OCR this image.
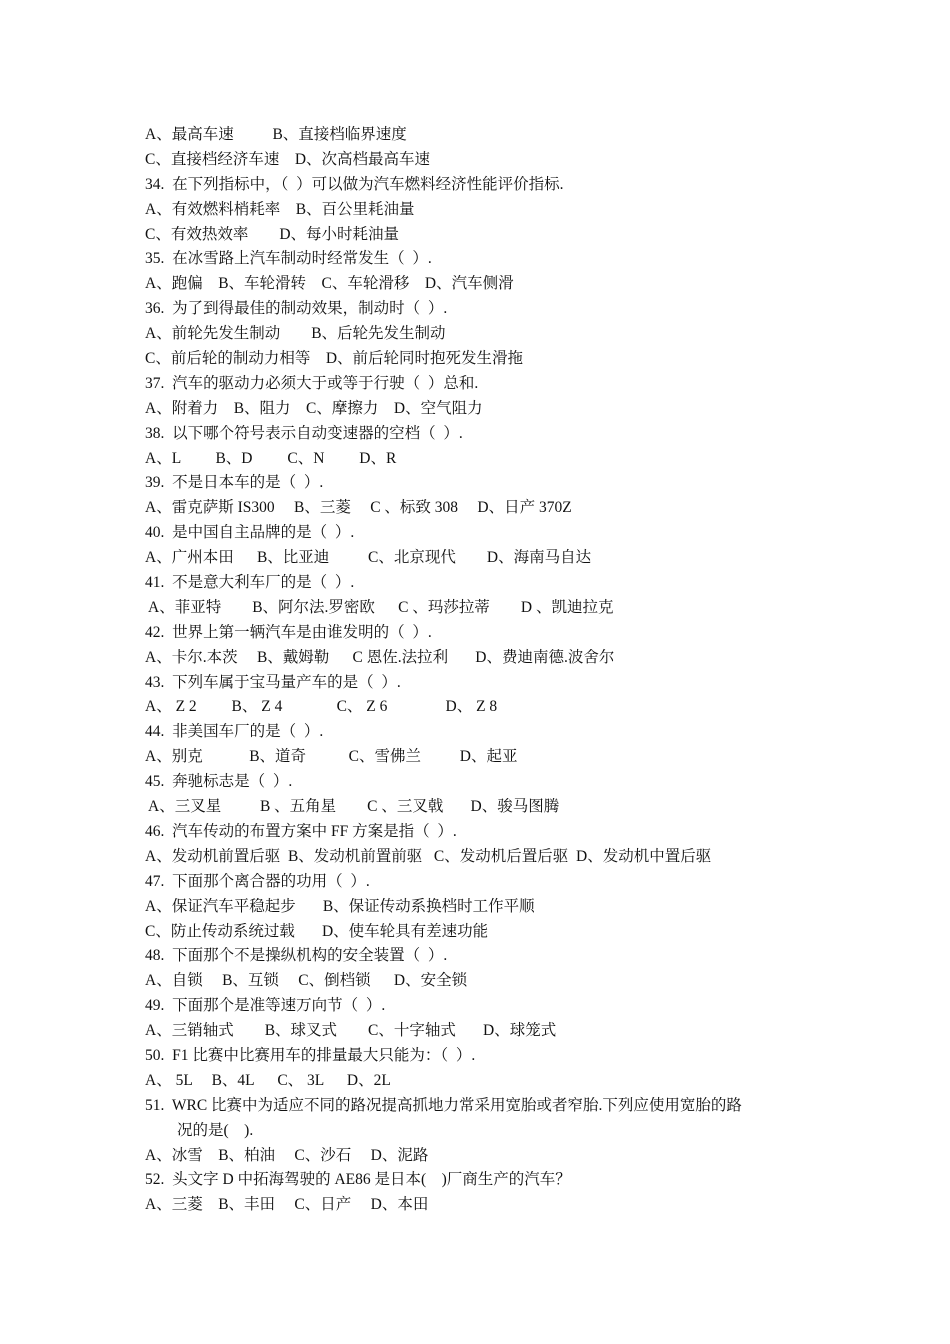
A、最高车速          B、直接档临界速度
C、直接档经济车速    D、次高档最高车速
34.  在下列指标中，（  ）可以做为汽车燃料经济性能评价指标.
A、有效燃料梢耗率    B、百公里耗油量
C、有效热效率        D、每小时耗油量
35.  在冰雪路上汽车制动时经常发生（  ）.
A、跑偏    B、车轮滑转    C、车轮滑移    D、汽车侧滑
36.  为了到得最佳的制动效果，制动时（  ）.
A、前轮先发生制动        B、后轮先发生制动
C、前后轮的制动力相等    D、前后轮同时抱死发生滑拖
37.  汽车的驱动力必须大于或等于行驶（  ）总和.
A、附着力    B、阻力    C、摩擦力    D、空气阻力
38.  以下哪个符号表示自动变速器的空档（  ）.
A、L         B、D         C、N         D、R
39.  不是日本车的是（  ）.
A、雷克萨斯 IS300     B、三菱     C 、标致 308     D、日产 370Z
40.  是中国自主品牌的是（  ）.
A、广州本田      B、比亚迪          C、北京现代        D、海南马自达
41.  不是意大利车厂的是（  ）.
A、菲亚特        B、阿尔法.罗密欧      C 、玛莎拉蒂        D 、凯迪拉克
42.  世界上第一辆汽车是由谁发明的（  ）.
A、卡尔.本茨     B、戴姆勒      C 恩佐.法拉利       D、费迪南德.波舍尔
43.  下列车属于宝马量产车的是（  ）.
A、 Z 2         B、 Z 4              C、 Z 6               D、 Z 8
44.  非美国车厂的是（  ）.
A、别克            B、道奇           C、雪佛兰          D、起亚
45.  奔驰标志是（  ）.
A、三叉星          B 、五角星        C 、三叉戟       D、骏马图腾
46.  汽车传动的布置方案中 FF 方案是指（  ）.
A、发动机前置后驱  B、发动机前置前驱   C、发动机后置后驱  D、发动机中置后驱
47.  下面那个离合器的功用（  ）.
A、保证汽车平稳起步       B、保证传动系换档时工作平顺
C、防止传动系统过载       D、使车轮具有差速功能
48.  下面那个不是操纵机构的安全装置（  ）.
A、自锁     B、互锁     C、倒档锁      D、安全锁
49.  下面那个是准等速万向节（  ）.
A、三销轴式        B、球叉式        C、十字轴式       D、球笼式
50.  F1 比赛中比赛用车的排量最大只能为：（  ）.
A、 5L     B、4L      C、 3L      D、2L
51.  WRC 比赛中为适应不同的路况提高抓地力常采用宽胎或者窄胎.下列应使用宽胎的路
况的是(    ).
A、冰雪    B、柏油     C、沙石     D、泥路
52.  头文字 D 中拓海驾驶的 AE86 是日本(    )厂商生产的汽车？
A、三菱    B、丰田     C、日产     D、本田
